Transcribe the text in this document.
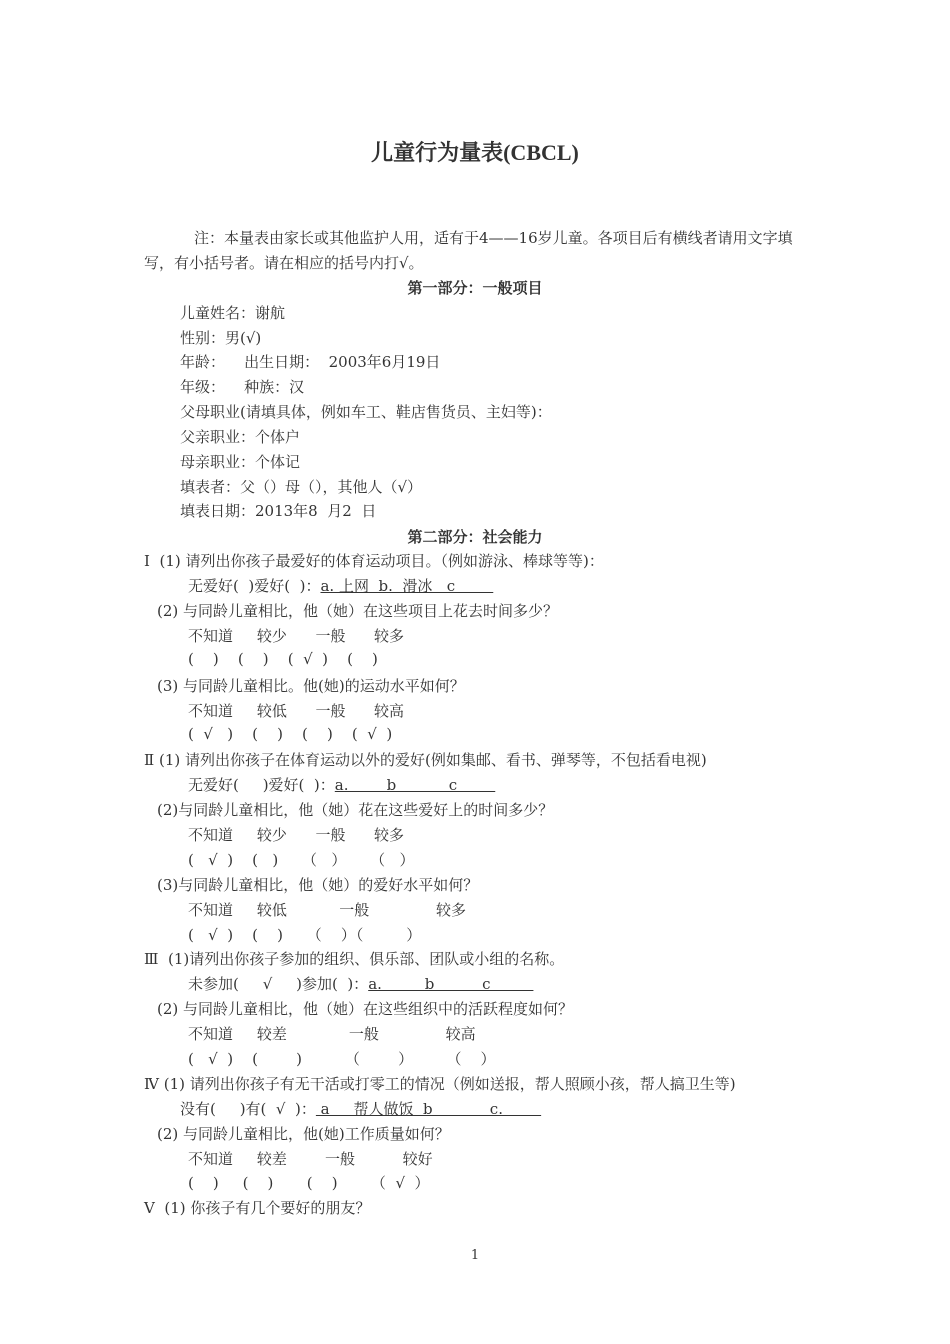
儿童行为量表(CBCL)
注：本量表由家长或其他监护人用，适有于4——16岁儿童。各项目后有横线者请用文字填写，有小括号者。请在相应的括号内打√。
第一部分：一般项目
儿童姓名：谢航
性别：男(√)
年龄：    出生日期：  2003年6月19日
年级：    种族：汉
父母职业(请填具体，例如车工、鞋店售货员、主妇等)：
父亲职业：个体户
母亲职业：个体记
填表者：父（）母（），其他人（√）
填表日期：2013年8  月2  日
第二部分：社会能力
I  (1) 请列出你孩子最爱好的体育运动项目。（例如游泳、棒球等等)：
无爱好(  )爱好(  )：a. 上网  b.  滑冰   c
(2) 与同龄儿童相比，他（她）在这些项目上花去时间多少？
不知道     较少      一般      较多
(    )    (    )    (  √  )    (    )
(3) 与同龄儿童相比。他(她)的运动水平如何？
不知道     较低      一般      较高
(  √   )    (    )    (    )    (  √  )
Ⅱ (1) 请列出你孩子在体育运动以外的爱好(例如集邮、看书、弹琴等，不包括看电视)
无爱好(     )爱好(  )：a.        b           c
(2)与同龄儿童相比，他（她）花在这些爱好上的时间多少？
不知道     较少      一般      较多
(   √  )    (   )     （   ）     （   ）
(3)与同龄儿童相比，他（她）的爱好水平如何？
不知道     较低           一般              较多
(   √  )    (    )     （    ）（         ）
Ⅲ  (1)请列出你孩子参加的组织、俱乐部、团队或小组的名称。
未参加(     √     )参加(  )：a.         b          c
(2) 与同龄儿童相比，他（她）在这些组织中的活跃程度如何？
不知道     较差             一般              较高
(   √  )    (        )         （        ）       （    ）
Ⅳ (1) 请列出你孩子有无干活或打零工的情况（例如送报，帮人照顾小孩，帮人搞卫生等)
没有(     )有(  √  )： a     帮人做饭  b            c.
(2) 与同龄儿童相比，他(她)工作质量如何？
不知道     较差        一般          较好
(    )     (    )       (    )       （  √  ）
Ⅴ  (1) 你孩子有几个要好的朋友？
1
